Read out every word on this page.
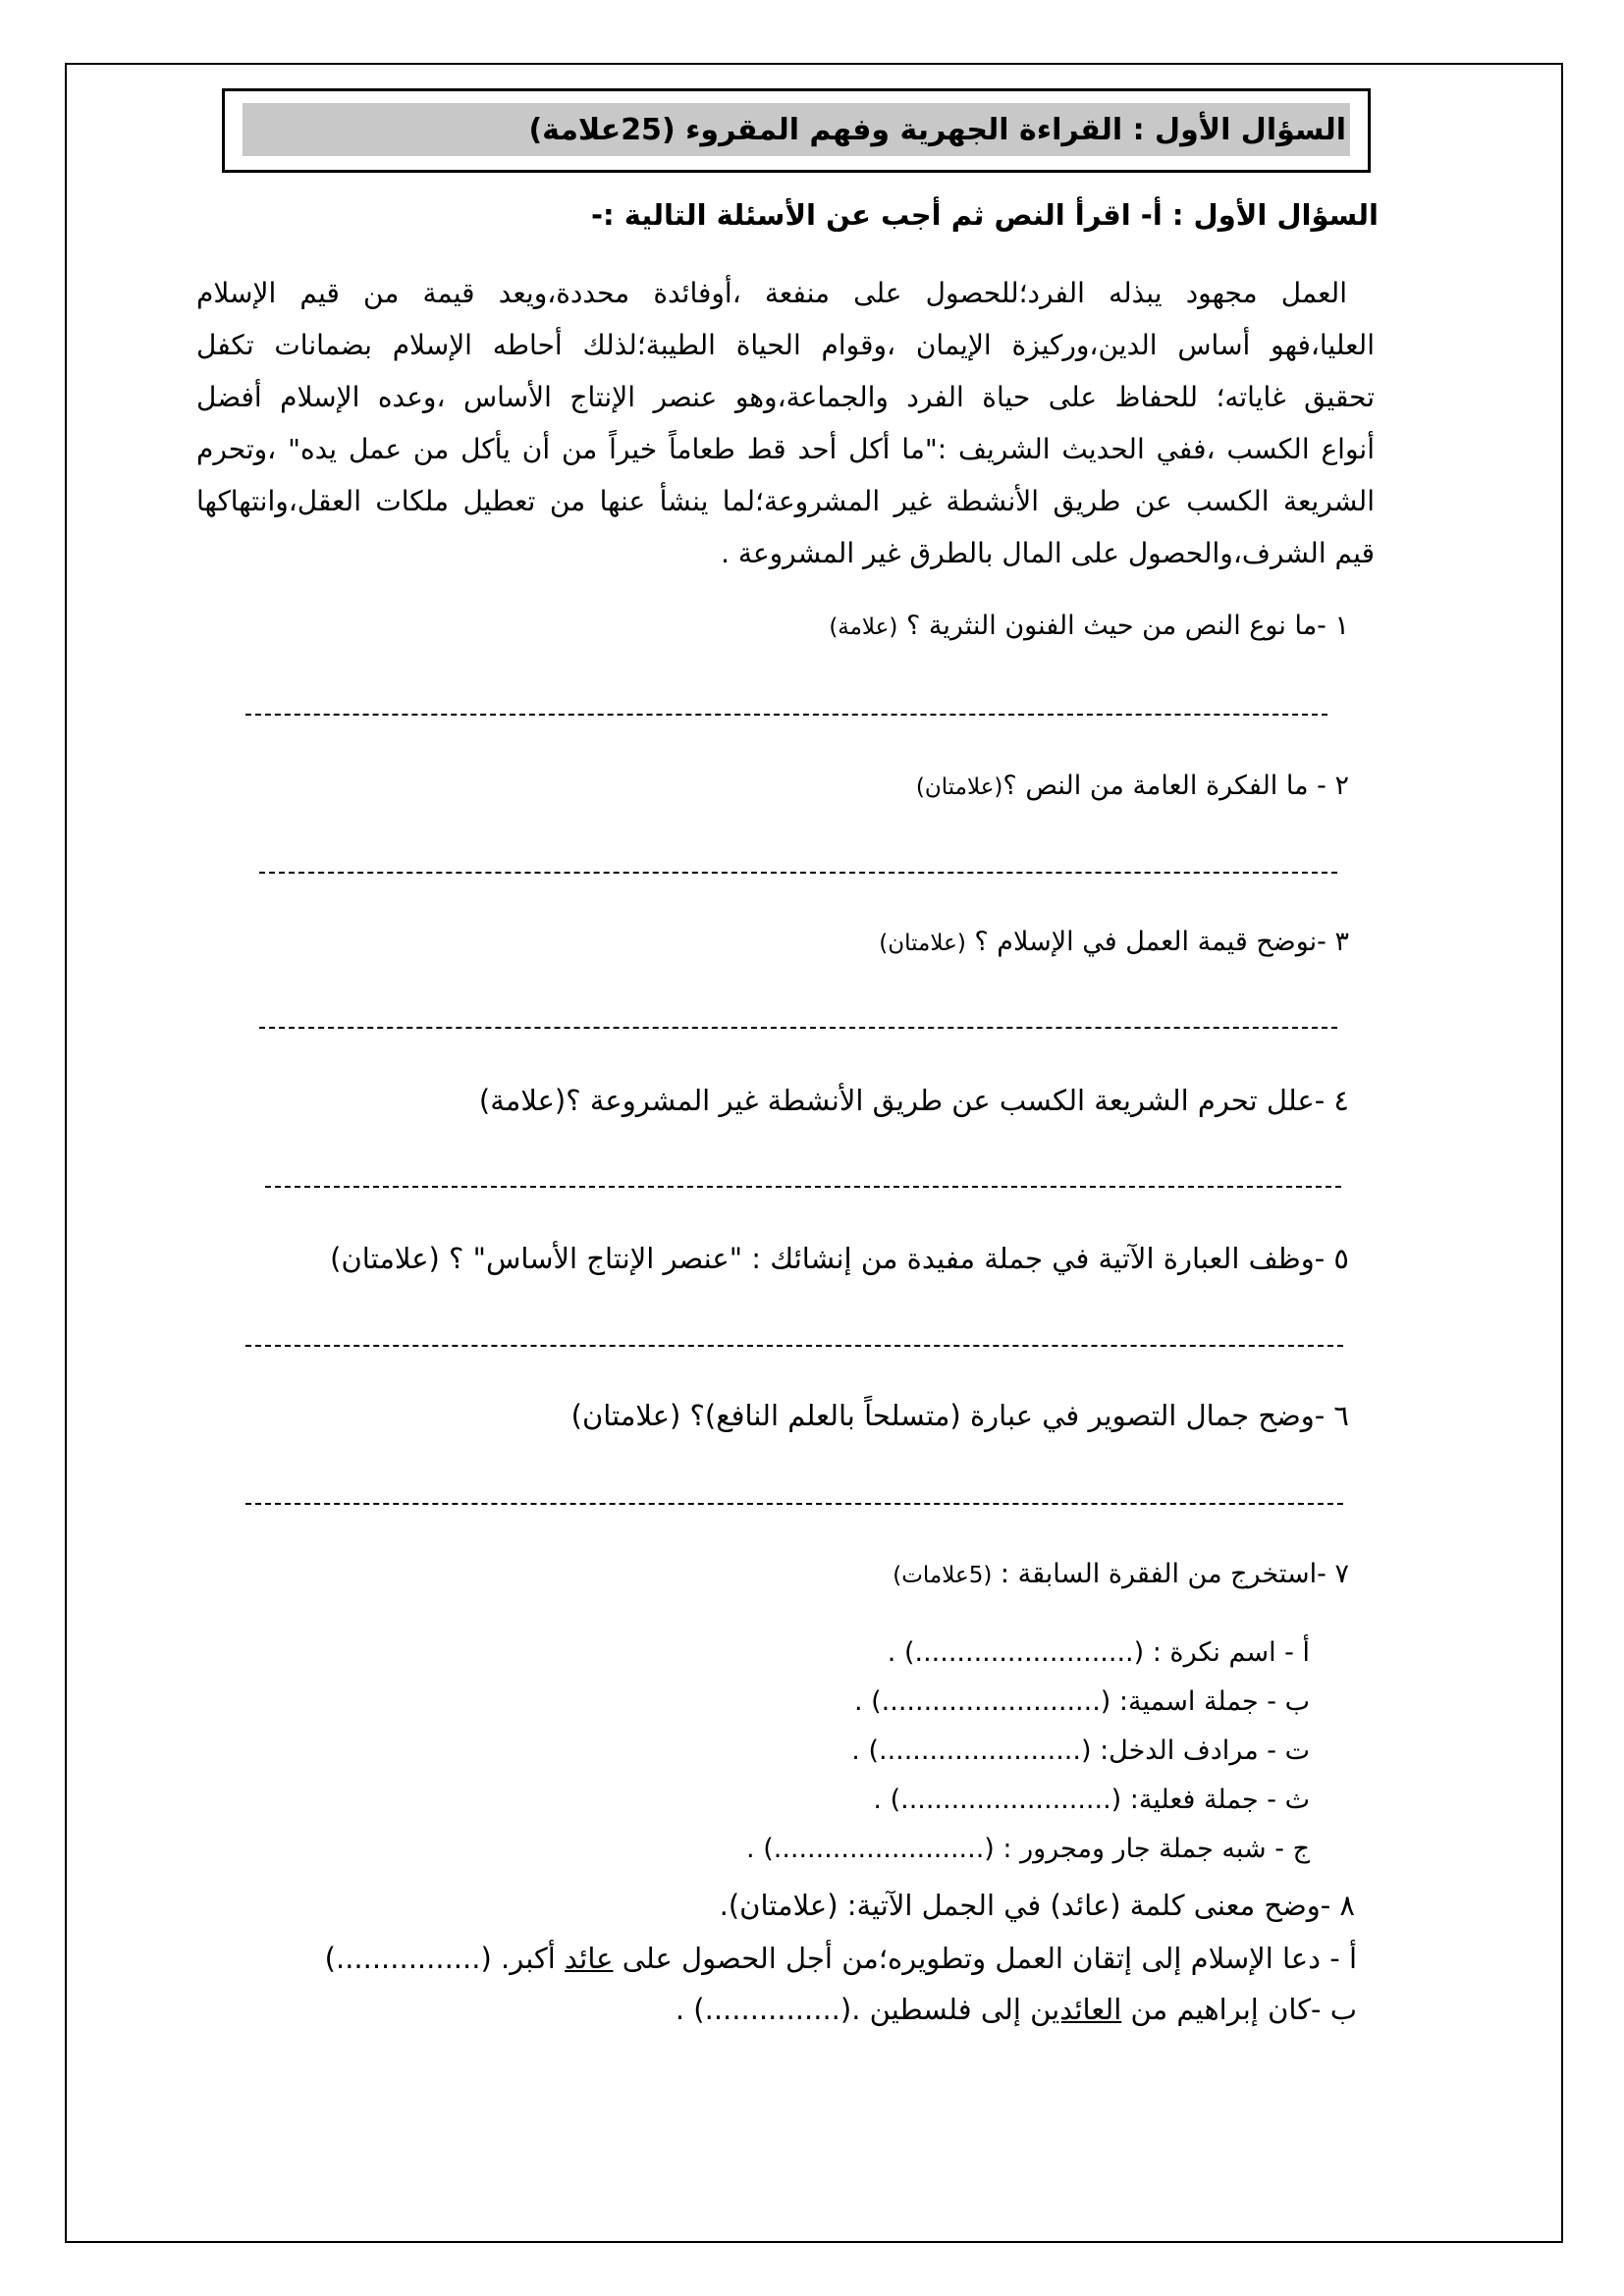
السؤال الأول : القراءة الجهرية وفهم المقروء (25علامة)
السؤال الأول : أ- اقرأ النص ثم أجب عن الأسئلة التالية :-
العمل مجهود يبذله الفرد؛للحصول على منفعة ،أوفائدة محددة،ويعد قيمة من قيم الإسلام
العليا،فهو أساس الدين،وركيزة الإيمان ،وقوام الحياة الطيبة؛لذلك أحاطه الإسلام بضمانات تكفل
تحقيق غاياته؛ للحفاظ على حياة الفرد والجماعة،وهو عنصر الإنتاج الأساس ،وعده الإسلام أفضل
أنواع الكسب ،ففي الحديث الشريف :"ما أكل أحد قط طعاماً خيراً من أن يأكل من عمل يده" ،وتحرم
الشريعة الكسب عن طريق الأنشطة غير المشروعة؛لما ينشأ عنها من تعطيل ملكات العقل،وانتهاكها
قيم الشرف،والحصول على المال بالطرق غير المشروعة .
١ -ما نوع النص من حيث الفنون النثرية ؟ (علامة)
٢ - ما الفكرة العامة من النص ؟(علامتان)
٣ -نوضح قيمة العمل في الإسلام ؟ (علامتان)
٤ -علل تحرم الشريعة الكسب عن طريق الأنشطة غير المشروعة ؟(علامة)
٥ -وظف العبارة الآتية في جملة مفيدة من إنشائك : "عنصر الإنتاج الأساس" ؟ (علامتان)
٦ -وضح جمال التصوير في عبارة (متسلحاً بالعلم النافع)؟ (علامتان)
٧ -استخرج من الفقرة السابقة : (5علامات)
أ - اسم نكرة : (..........................) .
ب - جملة اسمية: (..........................) .
ت - مرادف الدخل: (........................) .
ث - جملة فعلية: (.........................) .
ج - شبه جملة جار ومجرور : (.........................) .
٨ -وضح معنى كلمة (عائد) في الجمل الآتية: (علامتان).
أ - دعا الإسلام إلى إتقان العمل وتطويره؛من أجل الحصول على عائد أكبر. (................)
ب -كان إبراهيم من العائدين إلى فلسطين .(...............) .
